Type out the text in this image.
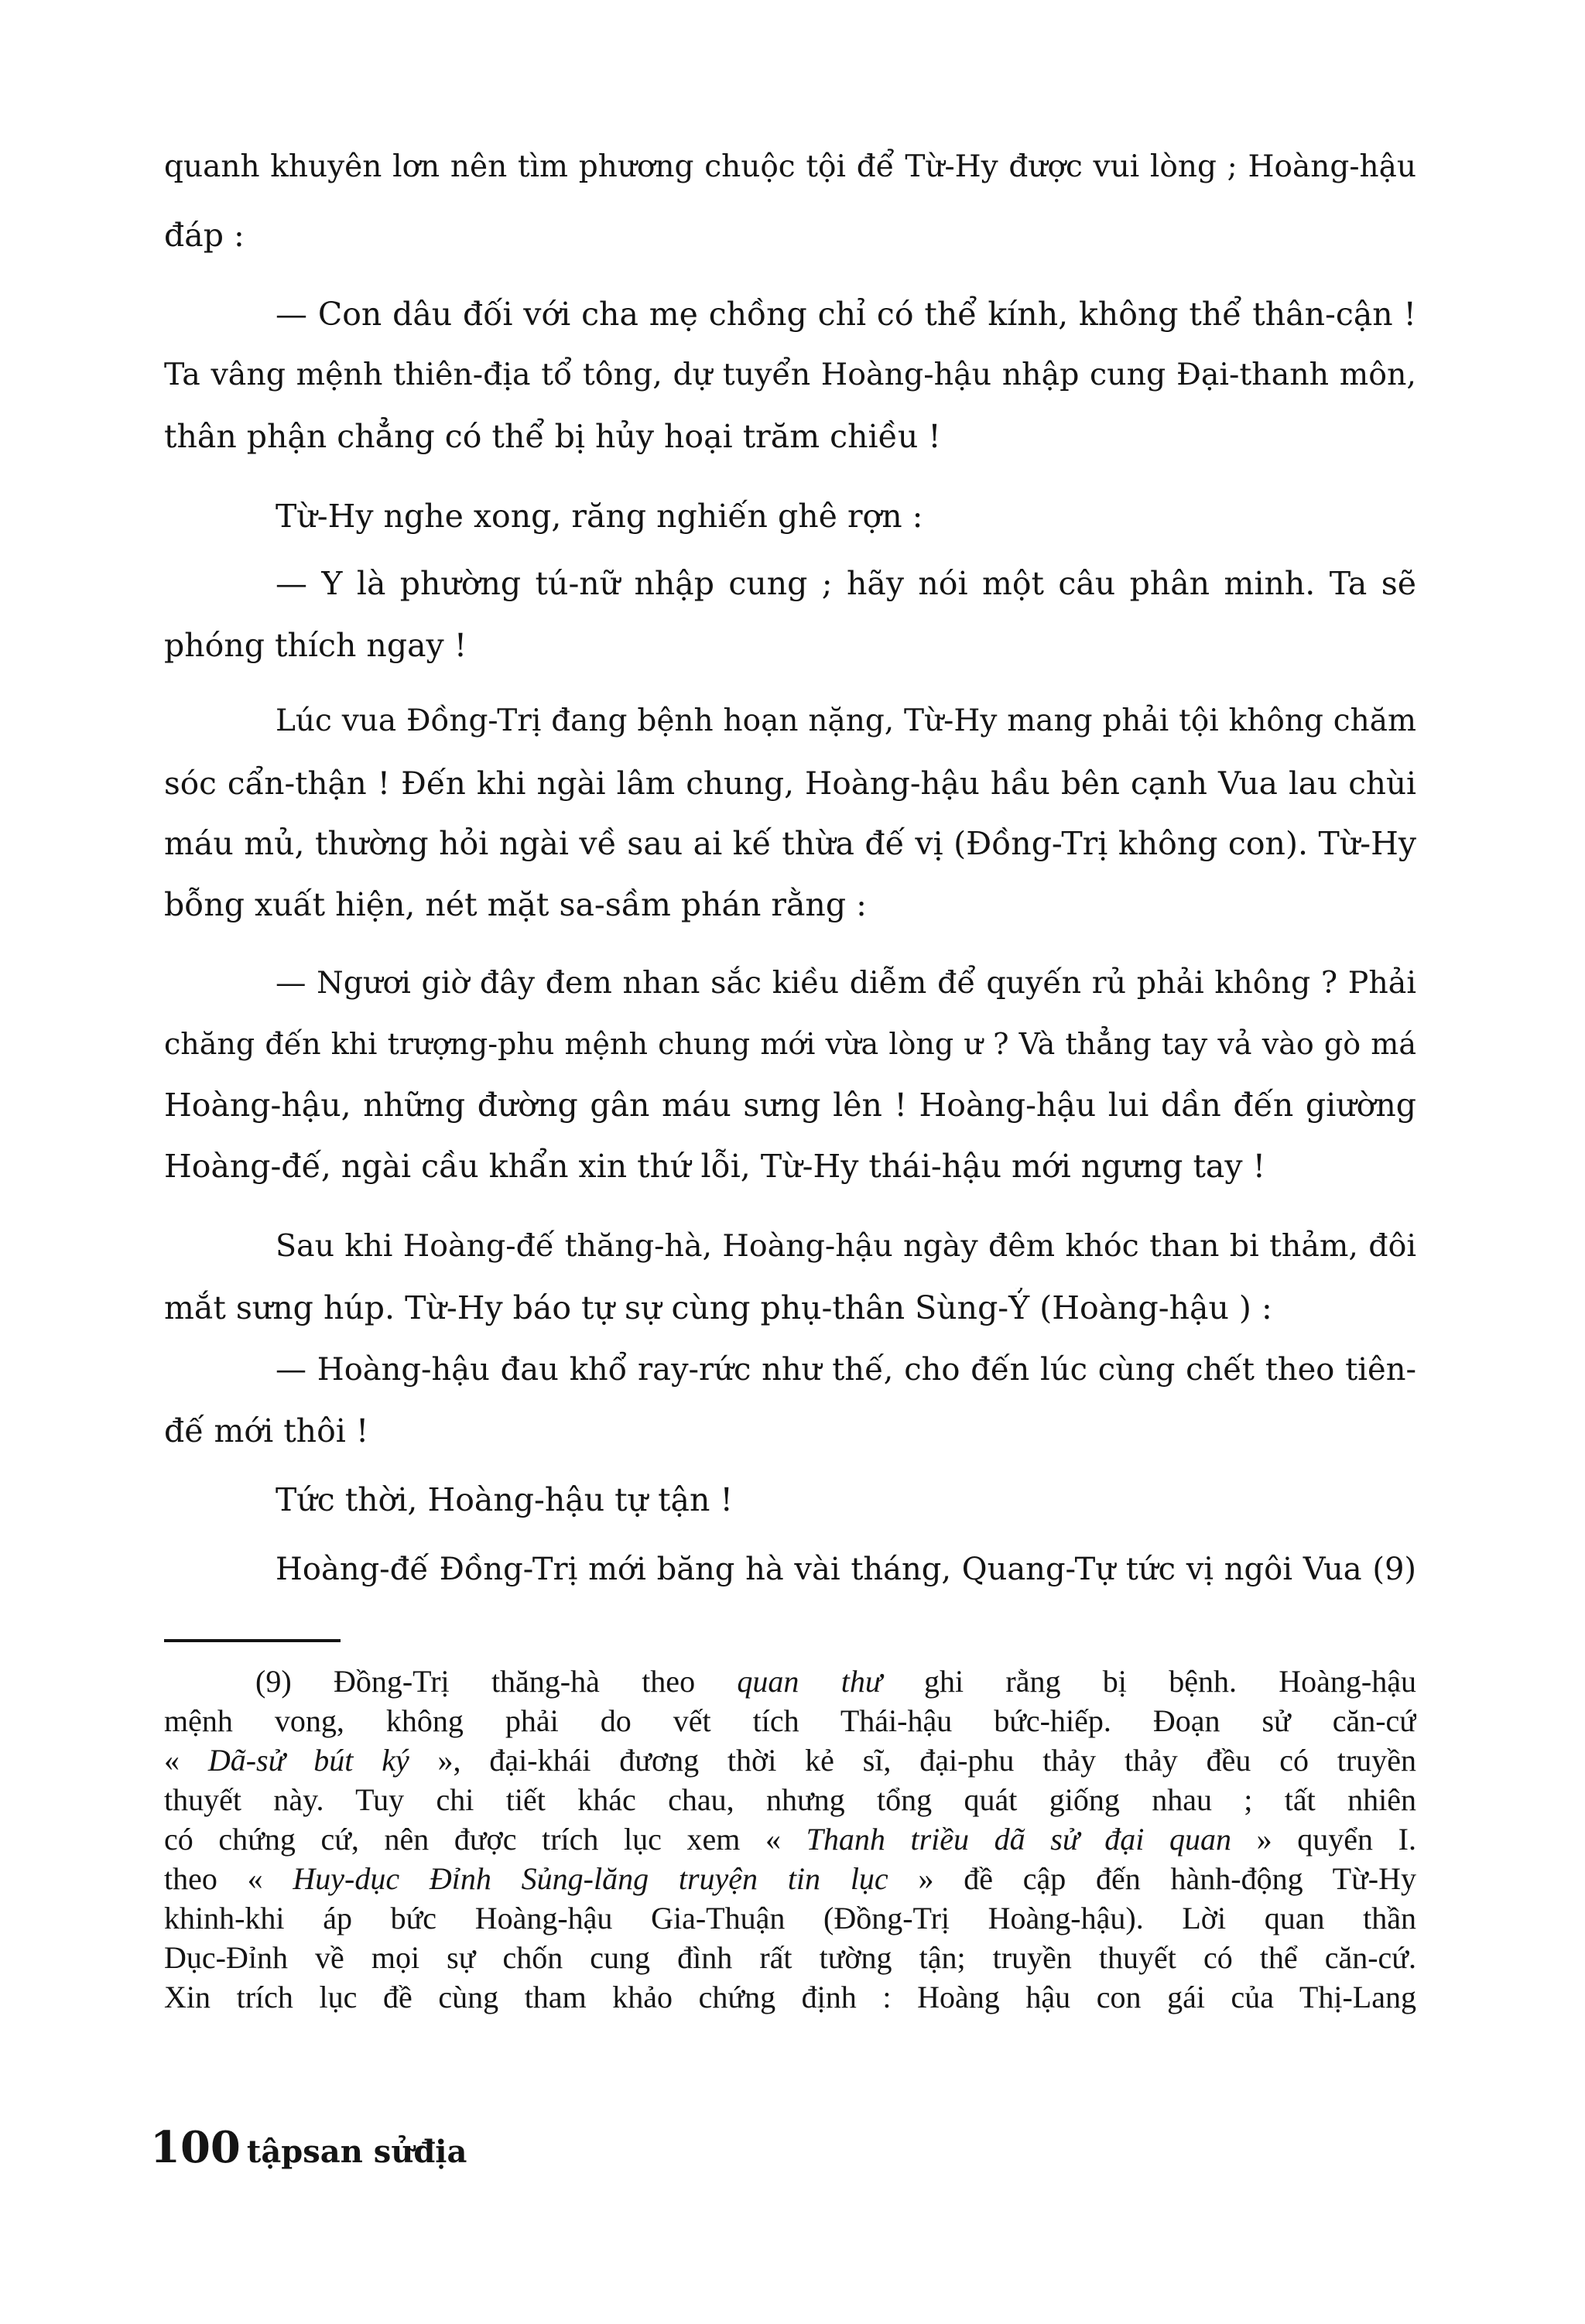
quanh khuyên lơn nên tìm phương chuộc tội để Từ-Hy được vui lòng ; Hoàng-hậu
đáp :
— Con dâu đối với cha mẹ chồng chỉ có thể kính, không thể thân-cận !
Ta vâng mệnh thiên-địa tổ tông, dự tuyển Hoàng-hậu nhập cung Đại-thanh môn,
thân phận chẳng có thể bị hủy hoại trăm chiều !
Từ-Hy nghe xong, răng nghiến ghê rợn :
— Y là phường tú-nữ nhập cung ; hãy nói một câu phân minh. Ta sẽ
phóng thích ngay !
Lúc vua Đồng-Trị đang bệnh hoạn nặng, Từ-Hy mang phải tội không chăm
sóc cẩn-thận ! Đến khi ngài lâm chung, Hoàng-hậu hầu bên cạnh Vua lau chùi
máu mủ, thường hỏi ngài về sau ai kế thừa đế vị (Đồng-Trị không con). Từ-Hy
bỗng xuất hiện, nét mặt sa-sầm phán rằng :
— Ngươi giờ đây đem nhan sắc kiều diễm để quyến rủ phải không ? Phải
chăng đến khi trượng-phu mệnh chung mới vừa lòng ư ? Và thẳng tay vả vào gò má
Hoàng-hậu, những đường gân máu sưng lên ! Hoàng-hậu lui dần đến giường
Hoàng-đế, ngài cầu khẩn xin thứ lỗi, Từ-Hy thái-hậu mới ngưng tay !
Sau khi Hoàng-đế thăng-hà, Hoàng-hậu ngày đêm khóc than bi thảm, đôi
mắt sưng húp. Từ-Hy báo tự sự cùng phụ-thân Sùng-Ỷ (Hoàng-hậu ) :
— Hoàng-hậu đau khổ ray-rức như thế, cho đến lúc cùng chết theo tiên-
đế mới thôi !
Tức thời, Hoàng-hậu tự tận !
Hoàng-đế Đồng-Trị mới băng hà vài tháng, Quang-Tự tức vị ngôi Vua (9)
(9) Đồng-Trị thăng-hà theo quan thư ghi rằng bị bệnh. Hoàng-hậu
mệnh vong, không phải do vết tích Thái-hậu bức-hiếp. Đoạn sử căn-cứ
« Dã-sử bút ký », đại-khái đương thời kẻ sĩ, đại-phu thảy thảy đều có truyền
thuyết này. Tuy chi tiết khác chau, nhưng tổng quát giống nhau ; tất nhiên
có chứng cứ, nên được trích lục xem « Thanh triều dã sử đại quan » quyển I.
theo « Huy-dục Đỉnh Sủng-lăng truyện tin lục » đề cập đến hành-động Từ-Hy
khinh-khi áp bức Hoàng-hậu Gia-Thuận (Đồng-Trị Hoàng-hậu). Lời quan thần
Dục-Đỉnh về mọi sự chốn cung đình rất tường tận; truyền thuyết có thể căn-cứ.
Xin trích lục đề cùng tham khảo chứng định : Hoàng hậu con gái của Thị-Lang
100 tậpsan sửđịa
